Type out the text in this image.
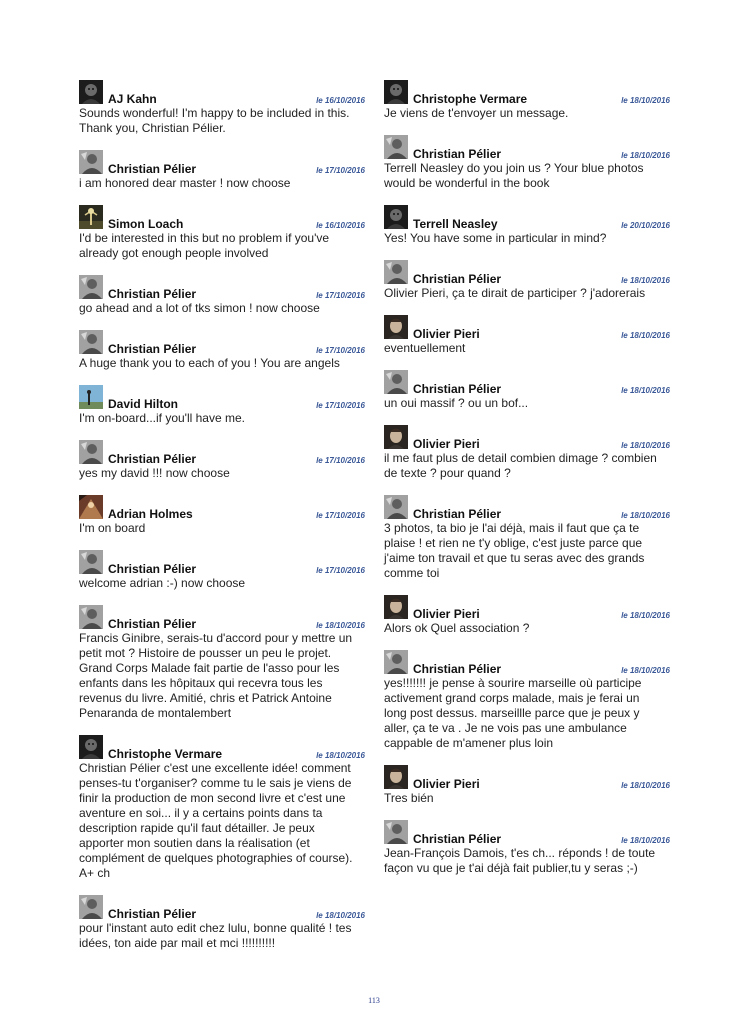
AJ Kahn	le 16/10/2016
Sounds wonderful! I'm happy to be included in this.
Thank you, Christian Pélier.
Christian Pélier	le 17/10/2016
i am honored dear master ! now choose
Simon Loach	le 16/10/2016
I'd be interested in this but no problem if you've
already got enough people involved
Christian Pélier	le 17/10/2016
go ahead and a lot of tks simon ! now choose
Christian Pélier	le 17/10/2016
A huge thank you to each of you ! You are angels
David Hilton	le 17/10/2016
I'm on-board...if you'll have me.
Christian Pélier	le 17/10/2016
yes my david !!! now choose
Adrian Holmes	le 17/10/2016
I'm on board
Christian Pélier	le 17/10/2016
welcome adrian :-) now choose
Christian Pélier	le 18/10/2016
Francis Ginibre, serais-tu d'accord pour y mettre un
petit mot ? Histoire de pousser un peu le projet.
Grand Corps Malade fait partie de l'asso pour les
enfants dans les hôpitaux qui recevra tous les
revenus du livre. Amitié, chris et Patrick Antoine
Penaranda de montalembert
Christophe Vermare	le 18/10/2016
Christian Pélier c'est une excellente idée! comment
penses-tu t'organiser? comme tu le sais je viens de
finir la production de mon second livre et c'est une
aventure en soi... il y a certains points dans ta
description rapide qu'il faut détailler. Je peux
apporter mon soutien dans la réalisation (et
complément de quelques photographies of course).
A+ ch
Christian Pélier	le 18/10/2016
pour l'instant auto edit chez lulu, bonne qualité ! tes
idées, ton aide par mail et mci !!!!!!!!!!
Christophe Vermare	le 18/10/2016
Je viens de t'envoyer un message.
Christian Pélier	le 18/10/2016
Terrell Neasley do you join us ? Your blue photos
would be wonderful in the book
Terrell Neasley	le 20/10/2016
Yes! You have some in particular in mind?
Christian Pélier	le 18/10/2016
Olivier Pieri, ça te dirait de participer ? j'adorerais
Olivier Pieri	le 18/10/2016
eventuellement
Christian Pélier	le 18/10/2016
un oui massif ? ou un bof...
Olivier Pieri	le 18/10/2016
il me faut plus de detail combien dimage ? combien
de texte ? pour quand ?
Christian Pélier	le 18/10/2016
3 photos, ta bio je l'ai déjà, mais il faut que ça te
plaise ! et rien ne t'y oblige, c'est juste parce que
j'aime ton travail et que tu seras avec des grands
comme toi
Olivier Pieri	le 18/10/2016
Alors ok Quel association ?
Christian Pélier	le 18/10/2016
yes!!!!!!! je pense à sourire marseille où participe
activement grand corps malade, mais je ferai un
long post dessus. marseillle parce que je peux y
aller, ça te va . Je ne vois pas une ambulance
cappable de m'amener plus loin
Olivier Pieri	le 18/10/2016
Tres bién
Christian Pélier	le 18/10/2016
Jean-François Damois, t'es ch... réponds ! de toute
façon vu que je t'ai déjà fait publier,tu y seras ;-)
113
